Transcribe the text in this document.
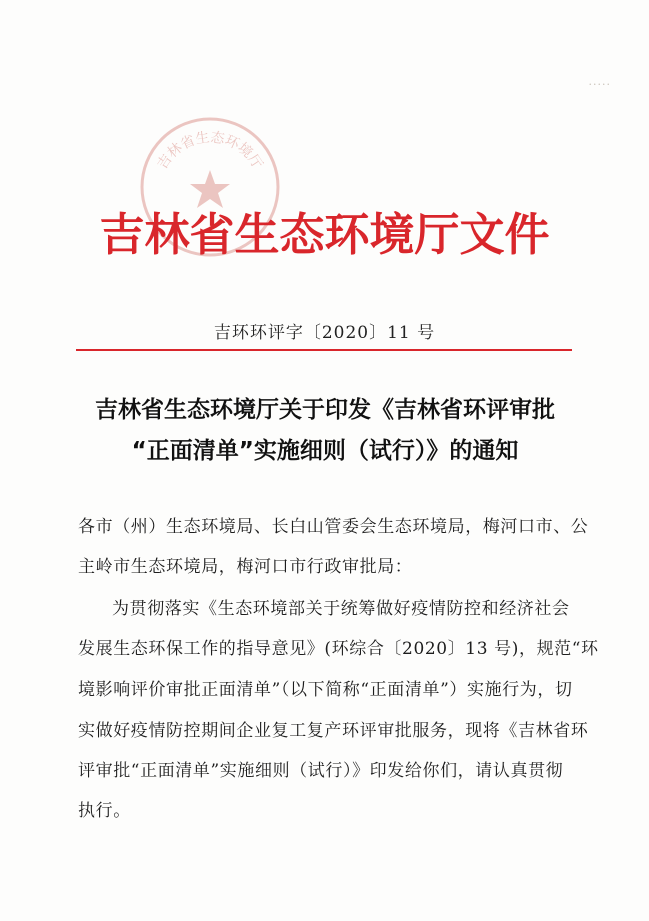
·····
吉林省生态环境厅
吉林省生态环境厅文件
吉环环评字〔2020〕11 号
吉林省生态环境厅关于印发《吉林省环评审批
“正面清单”实施细则（试行）》的通知
各市（州）生态环境局、长白山管委会生态环境局，梅河口市、公
主岭市生态环境局，梅河口市行政审批局：
为贯彻落实《生态环境部关于统筹做好疫情防控和经济社会
发展生态环保工作的指导意见》(环综合〔2020〕13 号)，规范“环
境影响评价审批正面清单”（以下简称“正面清单”）实施行为，切
实做好疫情防控期间企业复工复产环评审批服务，现将《吉林省环
评审批“正面清单”实施细则（试行）》印发给你们，请认真贯彻
执行。
